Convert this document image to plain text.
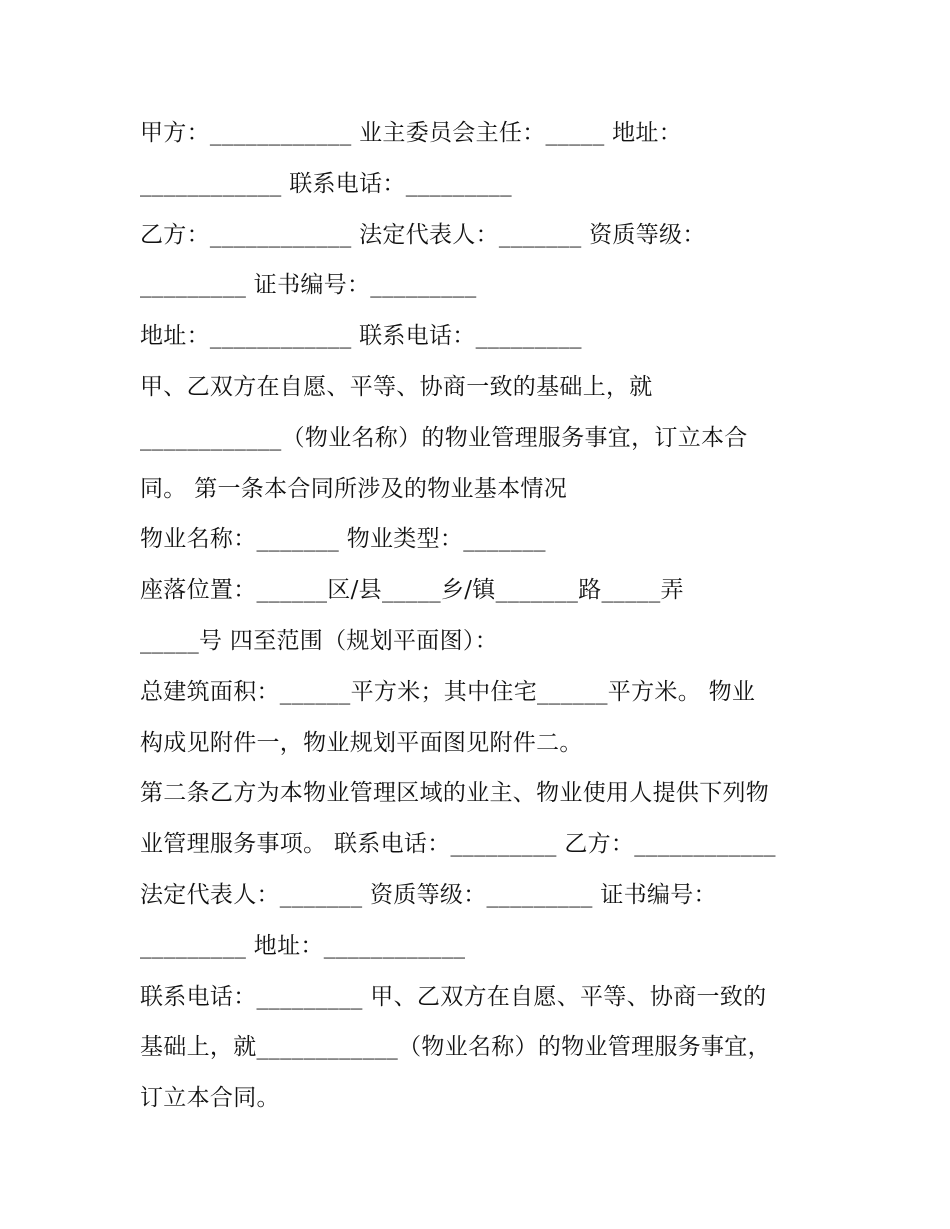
甲方：____________ 业主委员会主任：_____ 地址：
____________ 联系电话：_________
乙方：____________ 法定代表人：_______ 资质等级：
_________ 证书编号：_________
地址：____________ 联系电话：_________
甲、乙双方在自愿、平等、协商一致的基础上，就
____________（物业名称）的物业管理服务事宜，订立本合
同。 第一条本合同所涉及的物业基本情况
物业名称：_______ 物业类型：_______
座落位置：______区/县_____乡/镇_______路_____弄
_____号 四至范围（规划平面图）：
总建筑面积：______平方米；其中住宅______平方米。 物业
构成见附件一，物业规划平面图见附件二。
第二条乙方为本物业管理区域的业主、物业使用人提供下列物
业管理服务事项。 联系电话：_________ 乙方：____________
法定代表人：_______ 资质等级：_________ 证书编号：
_________ 地址：____________
联系电话：_________ 甲、乙双方在自愿、平等、协商一致的
基础上，就____________（物业名称）的物业管理服务事宜，
订立本合同。
